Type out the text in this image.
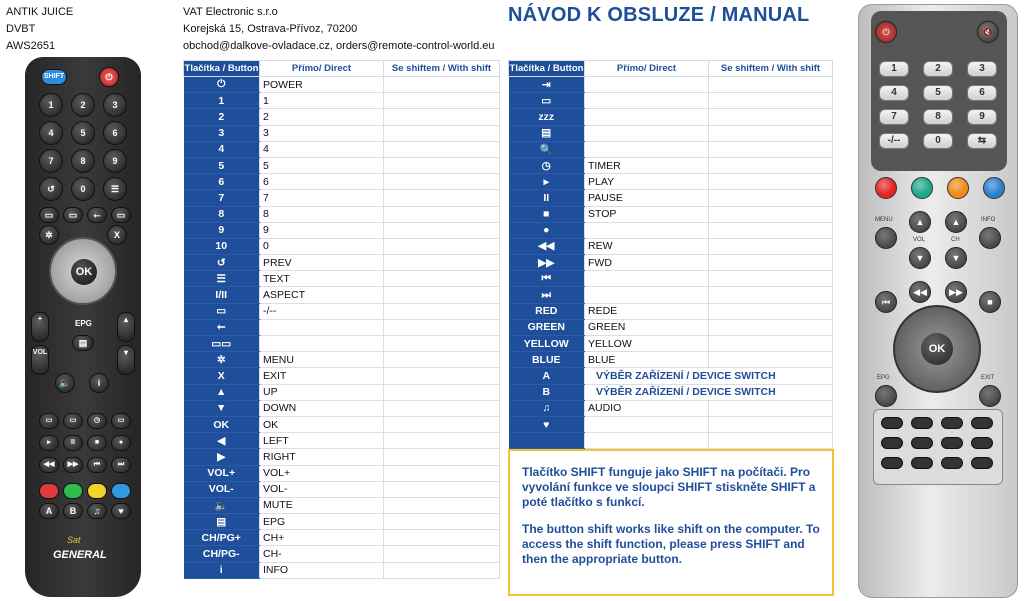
ANTIK JUICE
DVBT
AWS2651
VAT Electronic s.r.o
Korejská 15, Ostrava-Přívoz, 70200
obchod@dalkove-ovladace.cz, orders@remote-control-world.eu
NÁVOD K OBSLUZE / MANUAL
SHIFT	⏻
1	2	3
4	5	6
7	8	9
↺	0	☰
▭	▭	⭠	▭
✲	X
OK
+
EPG
▤
▴
VOL	▾
🔈	i
▭	▭	◷	▭
▸	II	■	●
◀◀	▶▶	⏮	⏭
A	B	♫	♥
Sat
GENERAL
Tlačítka / Button	Přímo/ Direct	Se shiftem / With shift
⏻	POWER	
1	1	
2	2	
3	3	
4	4	
5	5	
6	6	
7	7	
8	8	
9	9	
10	0	
↺	PREV	
☰	TEXT	
I/II	ASPECT	
▭	-/--	
⭠		
▭▭		
✲	MENU	
X	EXIT	
▲	UP	
▼	DOWN	
OK	OK	
◀	LEFT	
▶	RIGHT	
VOL+	VOL+	
VOL-	VOL-	
🔈	MUTE	
▤	EPG	
CH/PG+	CH+	
CH/PG-	CH-	
i	INFO	
Tlačítka / Button	Přímo/ Direct	Se shiftem / With shift
⇥		
▭		
zzz		
▤		
🔍		
◷	TIMER	
▸	PLAY	
II	PAUSE	
■	STOP	
●		
◀◀	REW	
▶▶	FWD	
⏮		
⏭		
RED	REDE	
GREEN	GREEN	
YELLOW	YELLOW	
BLUE	BLUE	
A	VÝBĚR ZAŘÍZENÍ / DEVICE SWITCH	
B	VÝBĚR ZAŘÍZENÍ / DEVICE SWITCH	
♫	AUDIO	
♥		

Tlačítko SHIFT funguje jako SHIFT na počítači. Pro vyvolání funkce ve sloupci SHIFT stiskněte SHIFT a poté tlačítko s funkcí.

The button shift works like shift on the computer. To access the shift function, please press SHIFT and then the appropriate button.

⏻	🔇
1	2	3
4	5	6
7	8	9
-/--	0	⇆
MENU	INFO
▲	▲
VOL	CH
▼	▼
⏮
◀◀	▶▶
■
OK
EPG	EXIT
